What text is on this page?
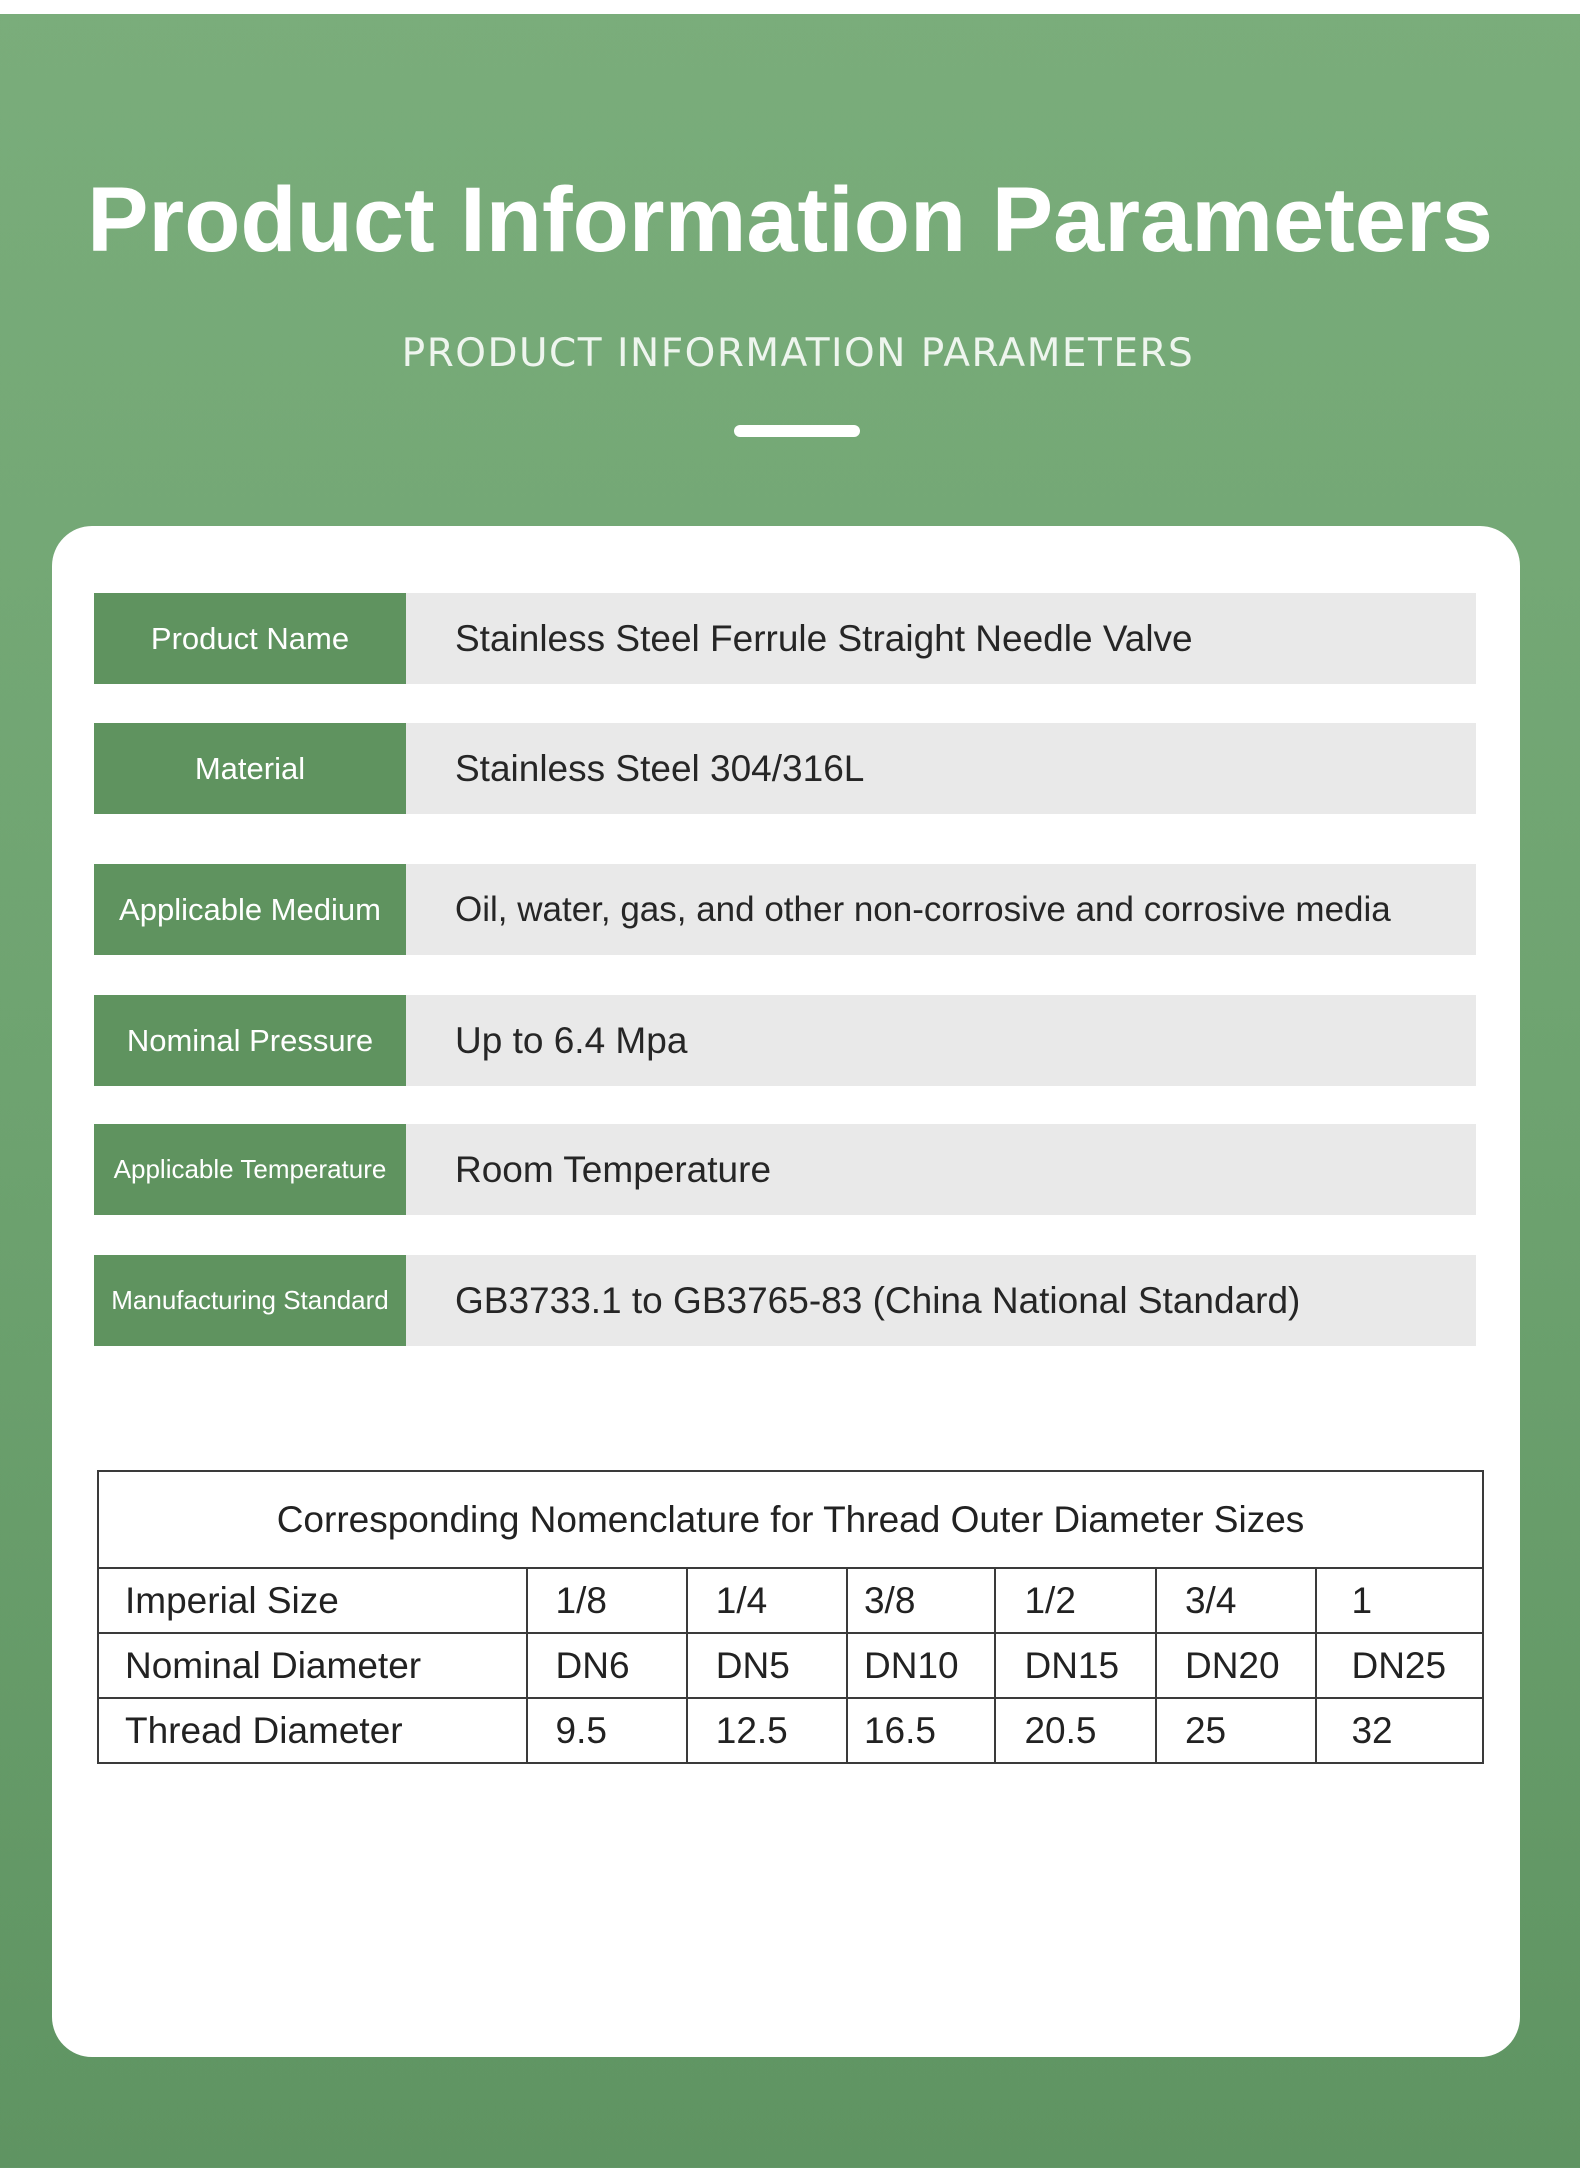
Product Information Parameters

PRODUCT INFORMATION PARAMETERS

Product Name	Stainless Steel Ferrule Straight Needle Valve
Material	Stainless Steel 304/316L
Applicable Medium	Oil, water, gas, and other non-corrosive and corrosive media
Nominal Pressure	Up to 6.4 Mpa
Applicable Temperature	Room Temperature
Manufacturing Standard	GB3733.1 to GB3765-83 (China National Standard)
Corresponding Nomenclature for Thread Outer Diameter Sizes						
Imperial Size	1/8	1/4	3/8	1/2	3/4	1
Nominal Diameter	DN6	DN5	DN10	DN15	DN20	DN25
Thread Diameter	9.5	12.5	16.5	20.5	25	32
